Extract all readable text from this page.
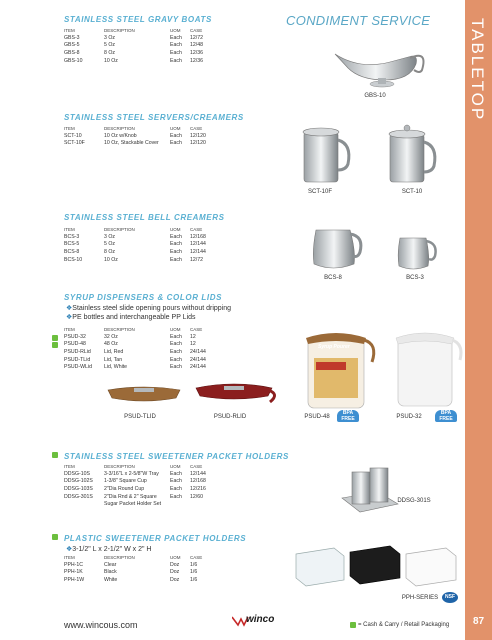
TABLETOP
CONDIMENT SERVICE
STAINLESS STEEL GRAVY BOATS
ITEM	DESCRIPTION	UOM	CASE
GBS-3	3 Oz	Each	12/72
GBS-5	5 Oz	Each	12/48
GBS-8	8 Oz	Each	12/36
GBS-10	10 Oz	Each	12/36
GBS-10
STAINLESS STEEL SERVERS/CREAMERS
ITEM	DESCRIPTION	UOM	CASE
SCT-10	10 Oz w/Knob	Each	12/120
SCT-10F	10 Oz, Stackable Cover	Each	12/120
SCT-10F	SCT-10
STAINLESS STEEL BELL CREAMERS
ITEM	DESCRIPTION	UOM	CASE
BCS-3	3 Oz	Each	12/168
BCS-5	5 Oz	Each	12/144
BCS-8	8 Oz	Each	12/144
BCS-10	10 Oz	Each	12/72
BCS-8	BCS-3
SYRUP DISPENSERS & COLOR LIDS
❖ Stainless steel slide opening pours without dripping
❖ PE bottles and interchangeable PP Lids
ITEM	DESCRIPTION	UOM	CASE
PSUD-32	32 Oz	Each	12
PSUD-48	48 Oz	Each	12
PSUD-RLid	Lid, Red	Each	24/144
PSUD-TLid	Lid, Tan	Each	24/144
PSUD-WLid	Lid, White	Each	24/144
PSUD-TLID	PSUD-RLID
Syrup Pourer
PSUD-48
BPA FREE	PSUD-32
BPA FREE
STAINLESS STEEL SWEETENER PACKET HOLDERS
ITEM	DESCRIPTION	UOM	CASE
DDSG-10S	3-3/16"L x 2-5/8"W Tray	Each	12/144
DDSG-102S	1-3/8" Square Cup	Each	12/168
DDSG-103S	2"Dia Round Cup	Each	12/216
DDSG-301S	2"Dia Rnd & 2" Square	Each	12/60
	Sugar Packet Holder Set		
DDSG-301S
PLASTIC SWEETENER PACKET HOLDERS
❖ 3-1/2" L x 2-1/2" W x 2" H
ITEM	DESCRIPTION	UOM	CASE
PPH-1C	Clear	Doz	1/6
PPH-1K	Black	Doz	1/6
PPH-1W	White	Doz	1/6
PPH-SERIES	NSF
www.wincous.com	winco	= Cash & Carry / Retail Packaging	87
